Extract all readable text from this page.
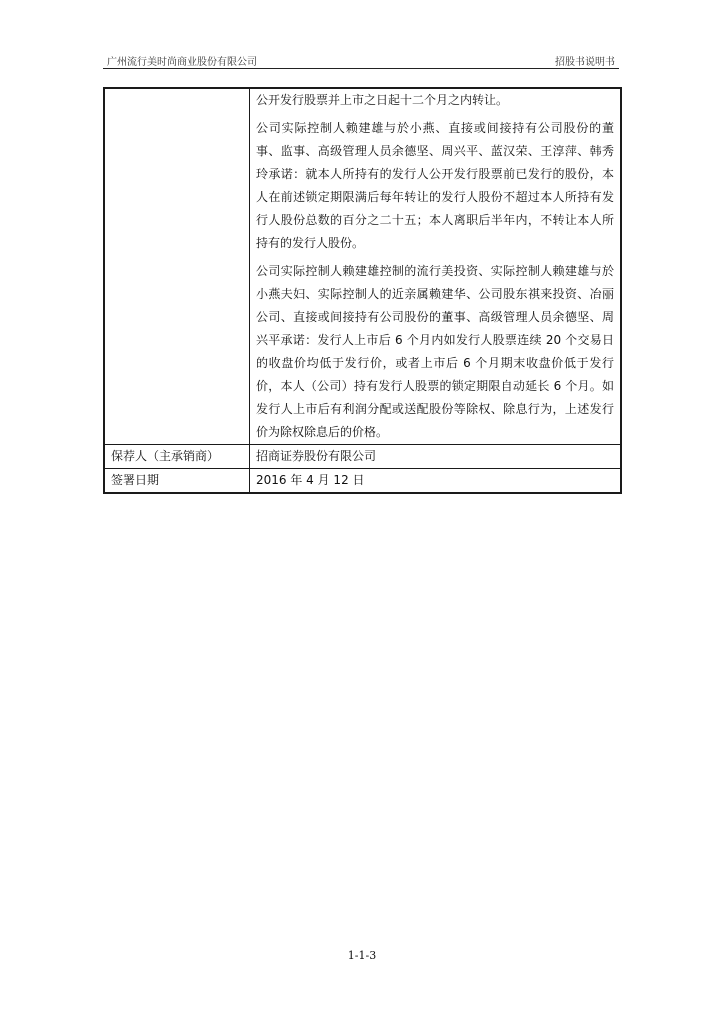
广州流行美时尚商业股份有限公司	招股书说明书

	公开发行股票并上市之日起十二个月之内转让。

公司实际控制人赖建雄与於小燕、直接或间接持有公司股份的董事、监事、高级管理人员余德坚、周兴平、蓝汉荣、王淳萍、韩秀玲承诺：就本人所持有的发行人公开发行股票前已发行的股份，本人在前述锁定期限满后每年转让的发行人股份不超过本人所持有发行人股份总数的百分之二十五；本人离职后半年内，不转让本人所持有的发行人股份。

公司实际控制人赖建雄控制的流行美投资、实际控制人赖建雄与於小燕夫妇、实际控制人的近亲属赖建华、公司股东祺来投资、冶丽公司、直接或间接持有公司股份的董事、高级管理人员余德坚、周兴平承诺：发行人上市后 6 个月内如发行人股票连续 20 个交易日的收盘价均低于发行价，或者上市后 6 个月期末收盘价低于发行价，本人（公司）持有发行人股票的锁定期限自动延长 6 个月。如发行人上市后有利润分配或送配股份等除权、除息行为，上述发行价为除权除息后的价格。

保荐人（主承销商）	招商证券股份有限公司
签署日期	2016 年 4 月 12 日
1-1-3
